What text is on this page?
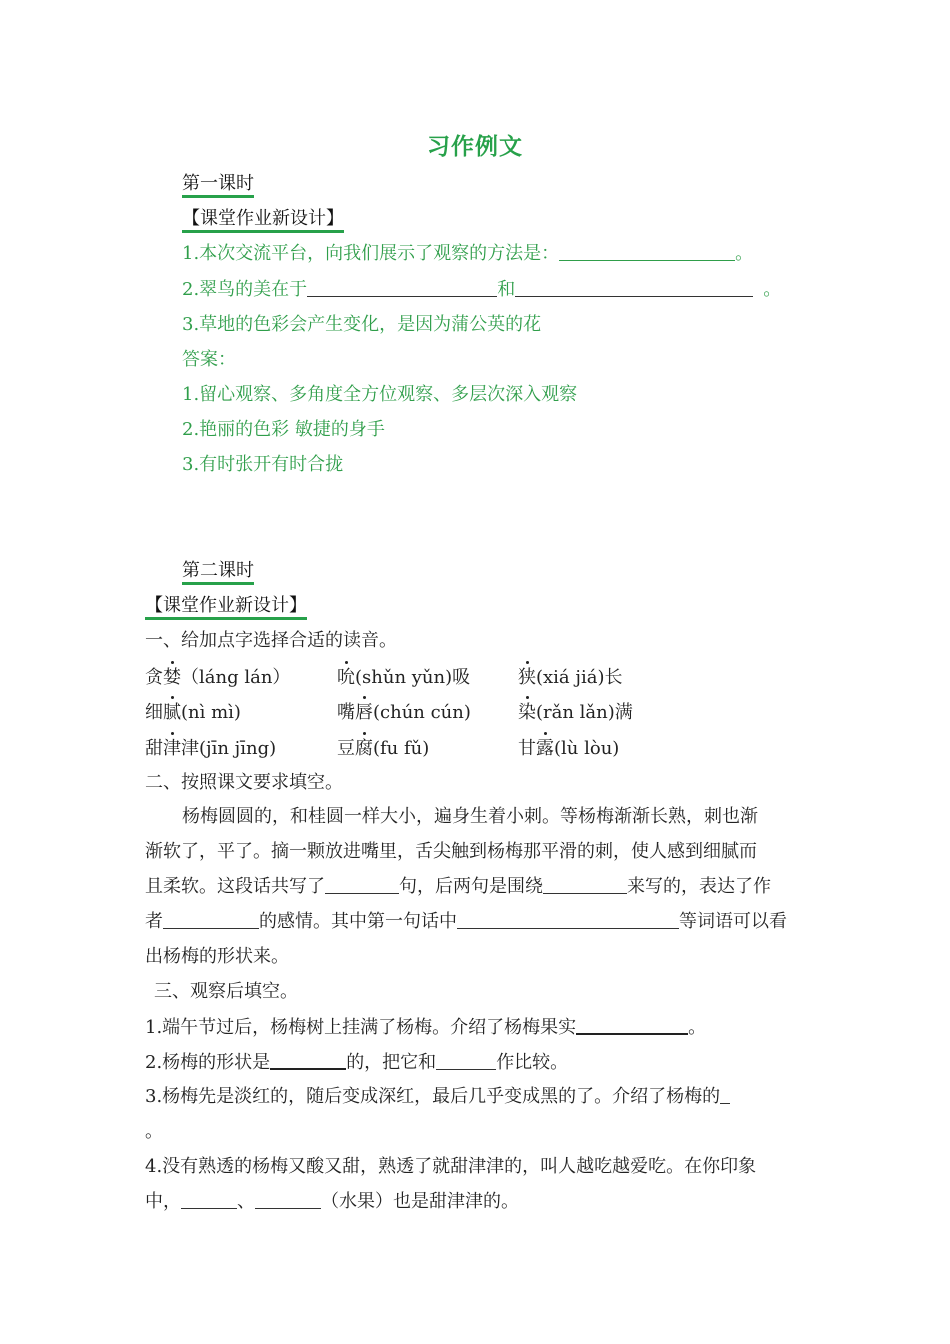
习作例文
第一课时
【课堂作业新设计】
1.本次交流平台，向我们展示了观察的方法是：	。
2.翠鸟的美在于	和	。
3.草地的色彩会产生变化，是因为蒲公英的花
答案：
1.留心观察、多角度全方位观察、多层次深入观察
2.艳丽的色彩 敏捷的身手
3.有时张开有时合拢
第二课时
【课堂作业新设计】
一、给加点字选择合适的读音。
贪婪（láng lán）	吮(shǔn yǔn)吸	狭(xiá jiá)长
细腻(nì mì)	嘴唇(chún cún)	染(rǎn lǎn)满
甜津津(jīn jīng)	豆腐(fu fǔ)	甘露(lù lòu)
二、按照课文要求填空。
杨梅圆圆的，和桂圆一样大小，遍身生着小刺。等杨梅渐渐长熟，刺也渐
渐软了，平了。摘一颗放进嘴里，舌尖触到杨梅那平滑的刺，使人感到细腻而
且柔软。这段话共写了	句，后两句是围绕	来写的，表达了作
者	的感情。其中第一句话中	等词语可以看
出杨梅的形状来。
三、观察后填空。
1.端午节过后，杨梅树上挂满了杨梅。介绍了杨梅果实	。
2.杨梅的形状是	的，把它和	作比较。
3.杨梅先是淡红的，随后变成深红，最后几乎变成黑的了。介绍了杨梅的
。
4.没有熟透的杨梅又酸又甜，熟透了就甜津津的，叫人越吃越爱吃。在你印象
中，	、	（水果）也是甜津津的。
